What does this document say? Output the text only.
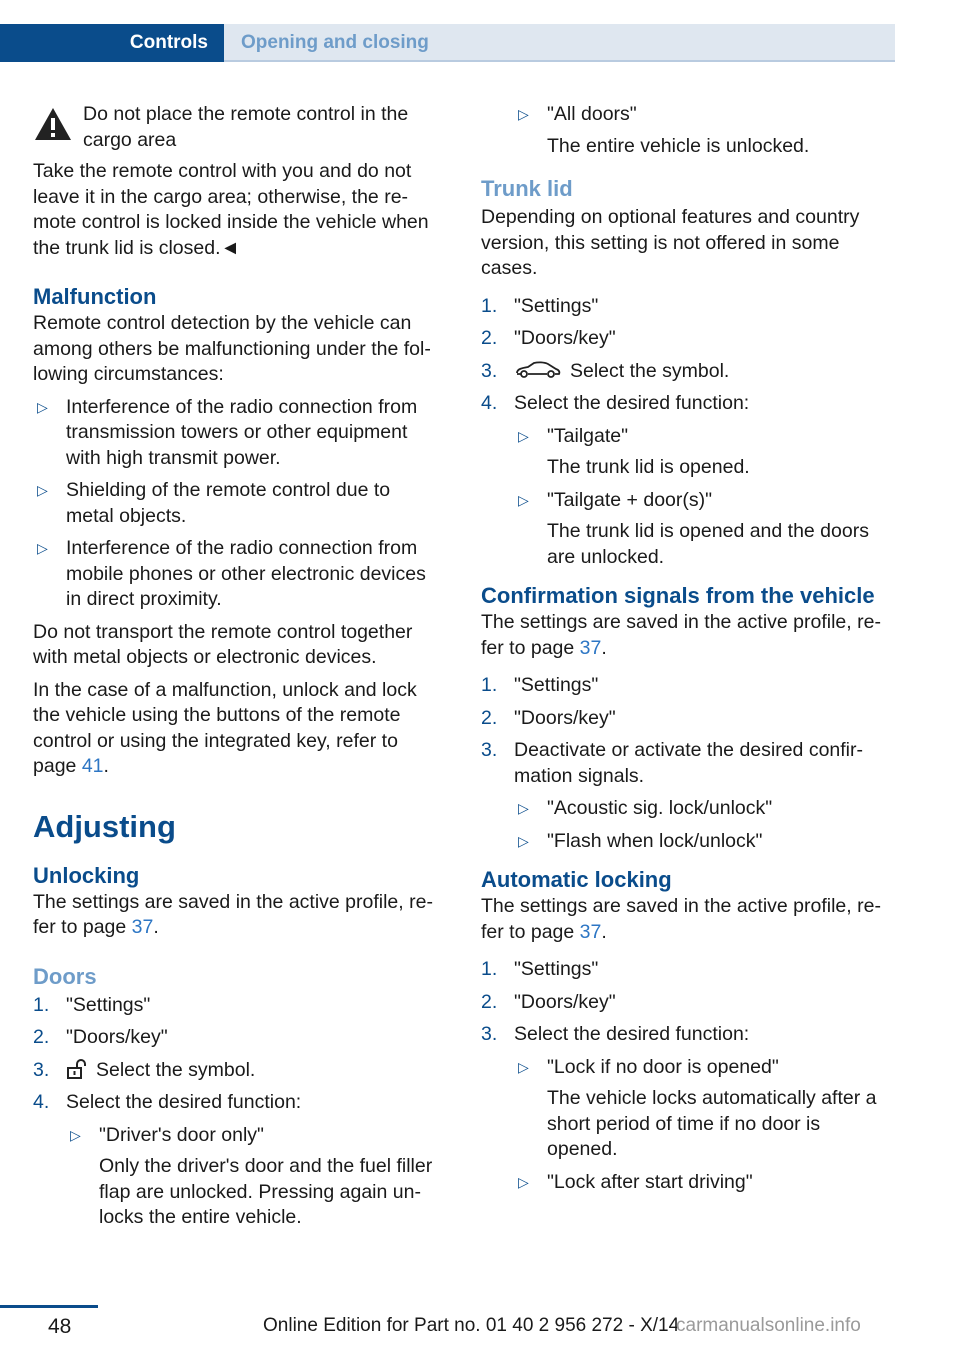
Controls	Opening and closing
Do not place the remote control in the cargo area

Take the remote control with you and do not leave it in the cargo area; otherwise, the re-mote control is locked inside the vehicle when the trunk lid is closed.◄

Malfunction

Remote control detection by the vehicle can among others be malfunctioning under the fol-lowing circumstances:

▷ Interference of the radio connection from transmission towers or other equipment with high transmit power.
▷ Shielding of the remote control due to metal objects.
▷ Interference of the radio connection from mobile phones or other electronic devices in direct proximity.

Do not transport the remote control together with metal objects or electronic devices.

In the case of a malfunction, unlock and lock the vehicle using the buttons of the remote control or using the integrated key, refer to page 41.

Adjusting
Unlocking

The settings are saved in the active profile, re-fer to page 37.

Doors
1. "Settings"
2. "Doors/key"
3. Select the symbol.
4. Select the desired function:
▷ "Driver's door only"
Only the driver's door and the fuel filler flap are unlocked. Pressing again un-locks the entire vehicle.
▷ "All doors"
The entire vehicle is unlocked.
Trunk lid

Depending on optional features and country version, this setting is not offered in some cases.

1. "Settings"
2. "Doors/key"
3.	Select the symbol.
4. Select the desired function:
▷ "Tailgate"
The trunk lid is opened.
▷ "Tailgate + door(s)"
The trunk lid is opened and the doors are unlocked.
Confirmation signals from the vehicle

The settings are saved in the active profile, re-fer to page 37.

1. "Settings"
2. "Doors/key"
3. Deactivate or activate the desired confir-mation signals.
▷ "Acoustic sig. lock/unlock"
▷ "Flash when lock/unlock"
Automatic locking

The settings are saved in the active profile, re-fer to page 37.

1. "Settings"
2. "Doors/key"
3. Select the desired function:
▷ "Lock if no door is opened"
The vehicle locks automatically after a short period of time if no door is opened.
▷ "Lock after start driving"
48	Online Edition for Part no. 01 40 2 956 272 - X/14
carmanualsonline.info
